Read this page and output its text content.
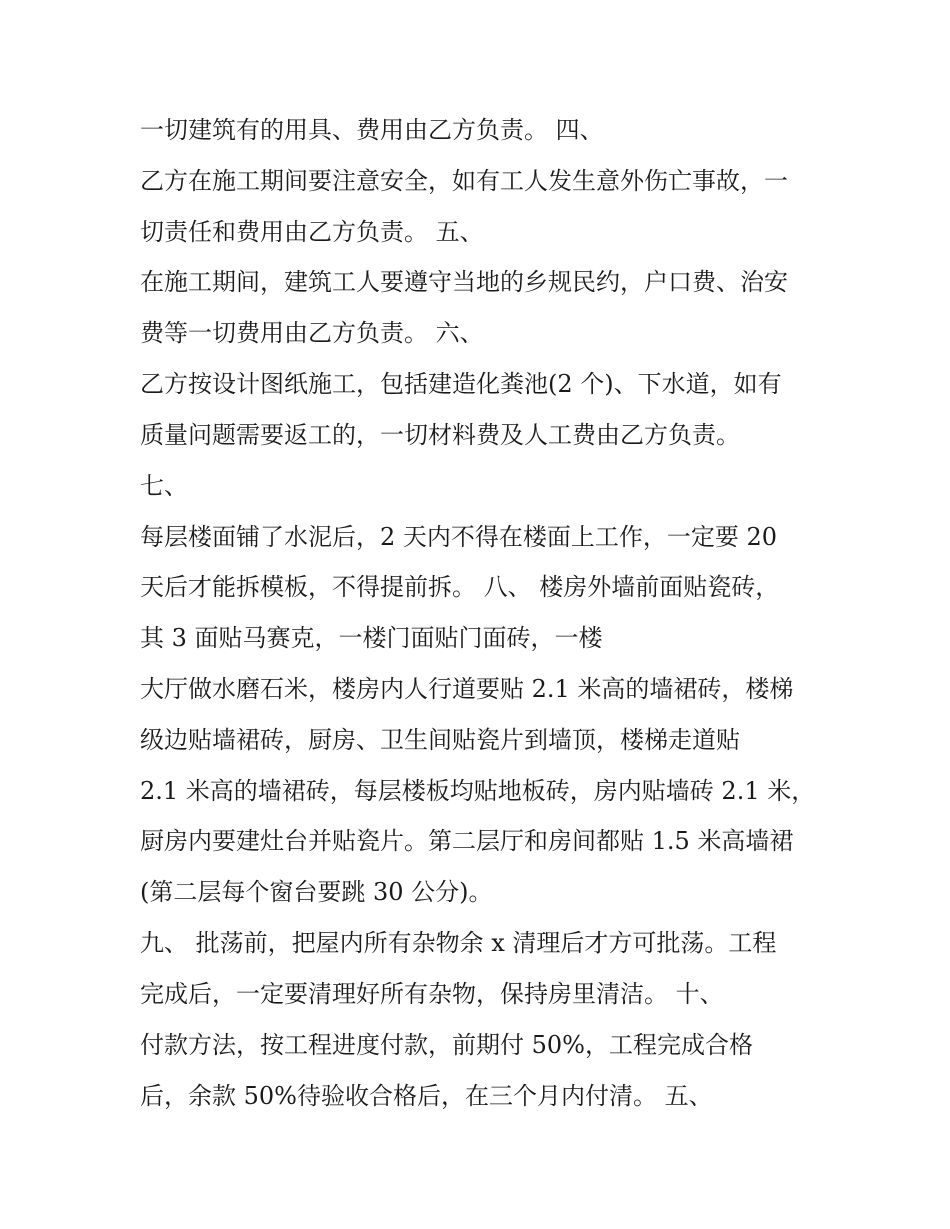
一切建筑有的用具、费用由乙方负责。 四、
乙方在施工期间要注意安全，如有工人发生意外伤亡事故，一
切责任和费用由乙方负责。 五、
在施工期间，建筑工人要遵守当地的乡规民约，户口费、治安
费等一切费用由乙方负责。 六、
乙方按设计图纸施工，包括建造化粪池(2 个)、下水道，如有
质量问题需要返工的，一切材料费及人工费由乙方负责。
七、
每层楼面铺了水泥后，2 天内不得在楼面上工作，一定要 20
天后才能拆模板，不得提前拆。 八、 楼房外墙前面贴瓷砖，
其 3 面贴马赛克，一楼门面贴门面砖，一楼
大厅做水磨石米，楼房内人行道要贴 2.1 米高的墙裙砖，楼梯
级边贴墙裙砖，厨房、卫生间贴瓷片到墙顶，楼梯走道贴
2.1 米高的墙裙砖，每层楼板均贴地板砖，房内贴墙砖 2.1 米，
厨房内要建灶台并贴瓷片。第二层厅和房间都贴 1.5 米高墙裙
(第二层每个窗台要跳 30 公分)。
九、 批荡前，把屋内所有杂物余 x 清理后才方可批荡。工程
完成后，一定要清理好所有杂物，保持房里清洁。 十、
付款方法，按工程进度付款，前期付 50%，工程完成合格
后，余款 50%待验收合格后，在三个月内付清。 五、
